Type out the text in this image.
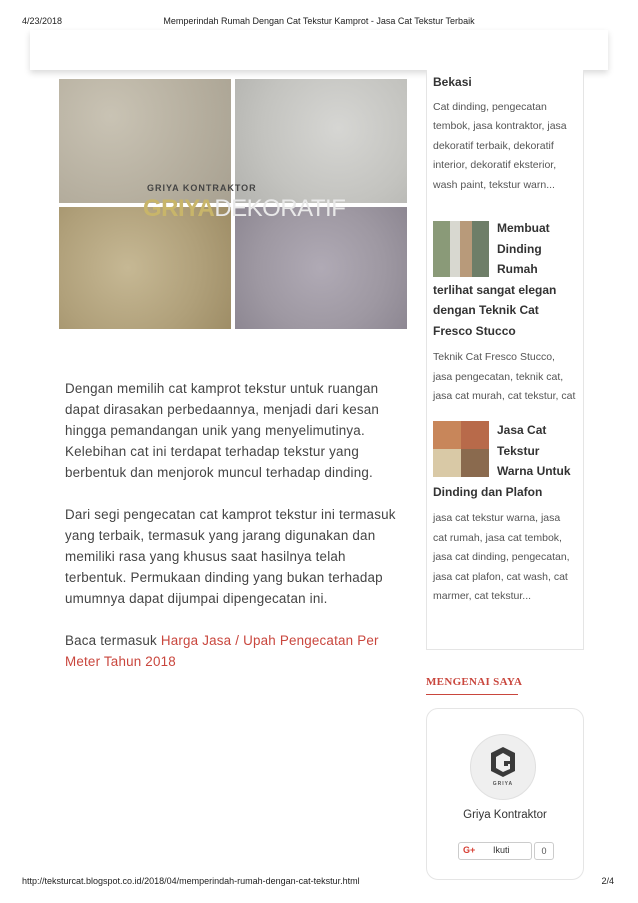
4/23/2018	Memperindah Rumah Dengan Cat Tekstur Kamprot - Jasa Cat Tekstur Terbaik
GRIYA KONTRAKTOR
GRIYADEKORATIF

Dengan memilih cat kamprot tekstur untuk ruangan dapat dirasakan perbedaannya, menjadi dari kesan hingga pemandangan unik yang menyelimutinya. Kelebihan cat ini terdapat terhadap tekstur yang berbentuk dan menjorok muncul terhadap dinding.

Dari segi pengecatan cat kamprot tekstur ini termasuk yang terbaik, termasuk yang jarang digunakan dan memiliki rasa yang khusus saat hasilnya telah terbentuk. Permukaan dinding yang bukan terhadap umumnya dapat dijumpai dipengecatan ini.

Baca termasuk Harga Jasa / Upah Pengecatan Per Meter Tahun 2018

Bekasi
Cat dinding, pengecatan tembok, jasa kontraktor, jasa dekoratif terbaik, dekoratif interior, dekoratif eksterior, wash paint, tekstur warn...
Membuat Dinding Rumah terlihat sangat elegan dengan Teknik Cat Fresco Stucco
Teknik Cat Fresco Stucco, jasa pengecatan, teknik cat, jasa cat murah, cat tekstur, cat
Jasa Cat Tekstur Warna Untuk Dinding dan Plafon
jasa cat tekstur warna, jasa cat rumah, jasa cat tembok, jasa cat dinding, pengecatan, jasa cat plafon, cat wash, cat marmer, cat tekstur...
MENGENAI SAYA
GRIYA
Griya Kontraktor
G+ Ikuti	0
http://teksturcat.blogspot.co.id/2018/04/memperindah-rumah-dengan-cat-tekstur.html	2/4
